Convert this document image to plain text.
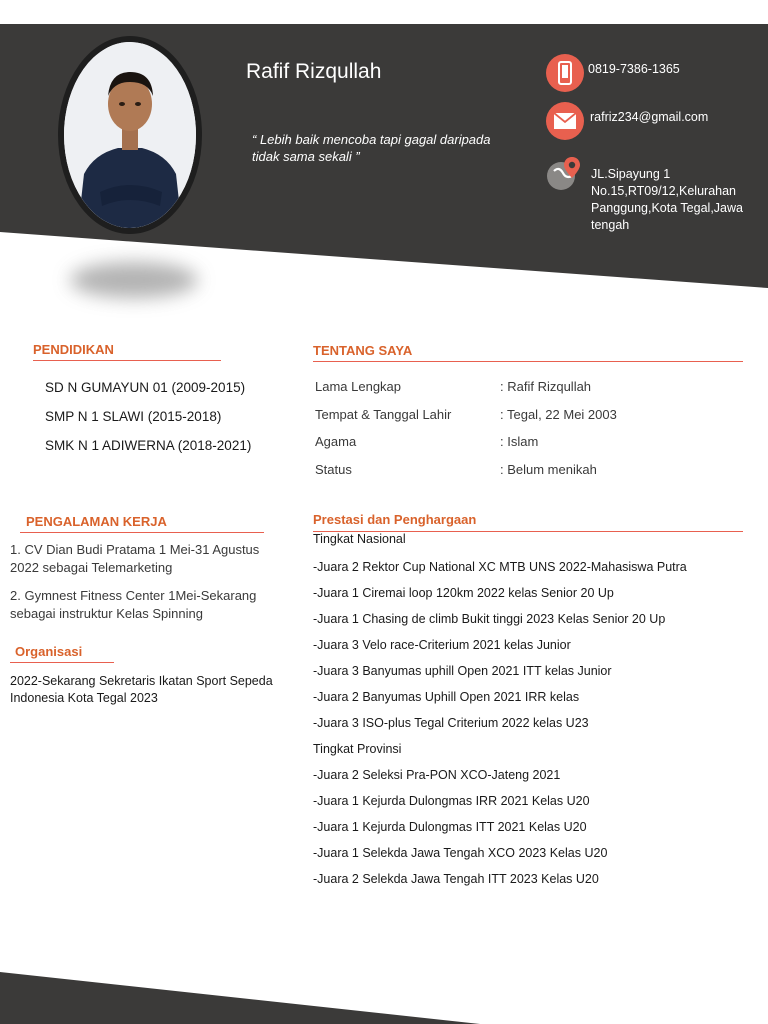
Rafif Rizqullah
“ Lebih baik mencoba tapi gagal daripada tidak sama sekali ”
0819-7386-1365
rafriz234@gmail.com
JL.Sipayung 1
No.15,RT09/12,Kelurahan
Panggung,Kota Tegal,Jawa
tengah
PENDIDIKAN
SD N GUMAYUN 01 (2009-2015)
SMP N 1 SLAWI (2015-2018)
SMK N 1 ADIWERNA (2018-2021)
TENTANG SAYA
Lama Lengkap	: Rafif Rizqullah
Tempat & Tanggal Lahir	: Tegal, 22 Mei 2003
Agama	: Islam
Status	: Belum menikah
PENGALAMAN KERJA
1. CV Dian Budi Pratama 1 Mei-31 Agustus
2022 sebagai Telemarketing
2. Gymnest Fitness Center 1Mei-Sekarang
sebagai instruktur Kelas Spinning
Organisasi
2022-Sekarang Sekretaris Ikatan Sport Sepeda
Indonesia Kota Tegal 2023
Prestasi dan Penghargaan
Tingkat Nasional
-Juara 2 Rektor Cup National XC MTB UNS 2022-Mahasiswa Putra
-Juara 1 Ciremai loop 120km 2022 kelas Senior 20 Up
-Juara 1 Chasing de climb Bukit tinggi 2023 Kelas Senior 20 Up
-Juara 3 Velo race-Criterium 2021 kelas Junior
-Juara 3 Banyumas uphill Open 2021 ITT kelas Junior
-Juara 2 Banyumas Uphill Open 2021 IRR kelas
-Juara 3 ISO-plus Tegal Criterium 2022 kelas U23
Tingkat Provinsi
-Juara 2 Seleksi Pra-PON XCO-Jateng 2021
-Juara 1 Kejurda Dulongmas IRR 2021 Kelas U20
-Juara 1 Kejurda Dulongmas ITT 2021 Kelas U20
-Juara 1 Selekda Jawa Tengah XCO 2023 Kelas U20
-Juara 2 Selekda Jawa Tengah ITT 2023 Kelas U20
